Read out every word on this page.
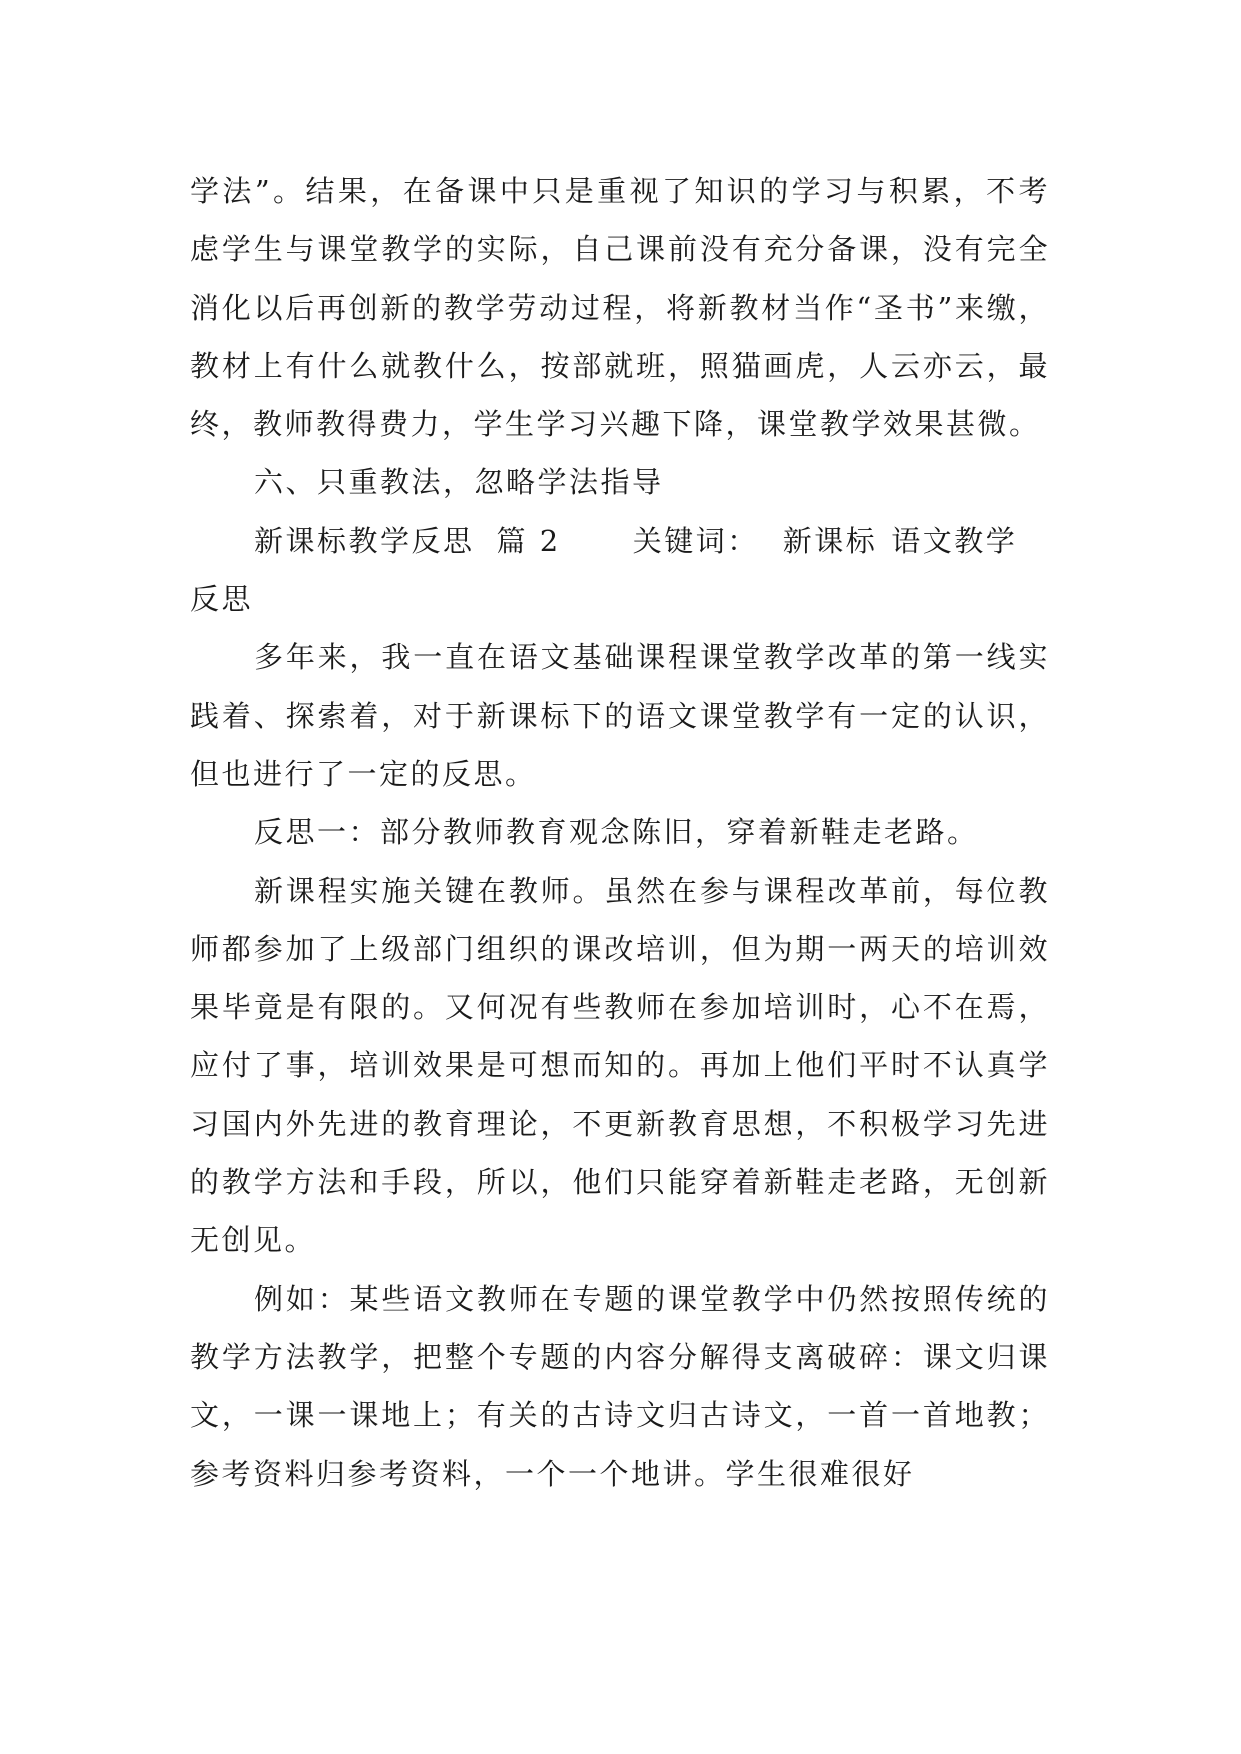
学法”。结果，在备课中只是重视了知识的学习与积累，不考虑学生与课堂教学的实际，自己课前没有充分备课，没有完全消化以后再创新的教学劳动过程，将新教材当作“圣书”来缴，教材上有什么就教什么，按部就班，照猫画虎，人云亦云，最终，教师教得费力，学生学习兴趣下降，课堂教学效果甚微。

六、只重教法，忽略学法指导

新课标教学反思 篇 2 关键词： 新课标 语文教学

反思

多年来，我一直在语文基础课程课堂教学改革的第一线实践着、探索着，对于新课标下的语文课堂教学有一定的认识，但也进行了一定的反思。

反思一：部分教师教育观念陈旧，穿着新鞋走老路。

新课程实施关键在教师。虽然在参与课程改革前，每位教师都参加了上级部门组织的课改培训，但为期一两天的培训效果毕竟是有限的。又何况有些教师在参加培训时，心不在焉，应付了事，培训效果是可想而知的。再加上他们平时不认真学习国内外先进的教育理论，不更新教育思想，不积极学习先进的教学方法和手段，所以，他们只能穿着新鞋走老路，无创新无创见。

例如：某些语文教师在专题的课堂教学中仍然按照传统的教学方法教学，把整个专题的内容分解得支离破碎：课文归课文，一课一课地上；有关的古诗文归古诗文，一首一首地教；参考资料归参考资料，一个一个地讲。学生很难很好
